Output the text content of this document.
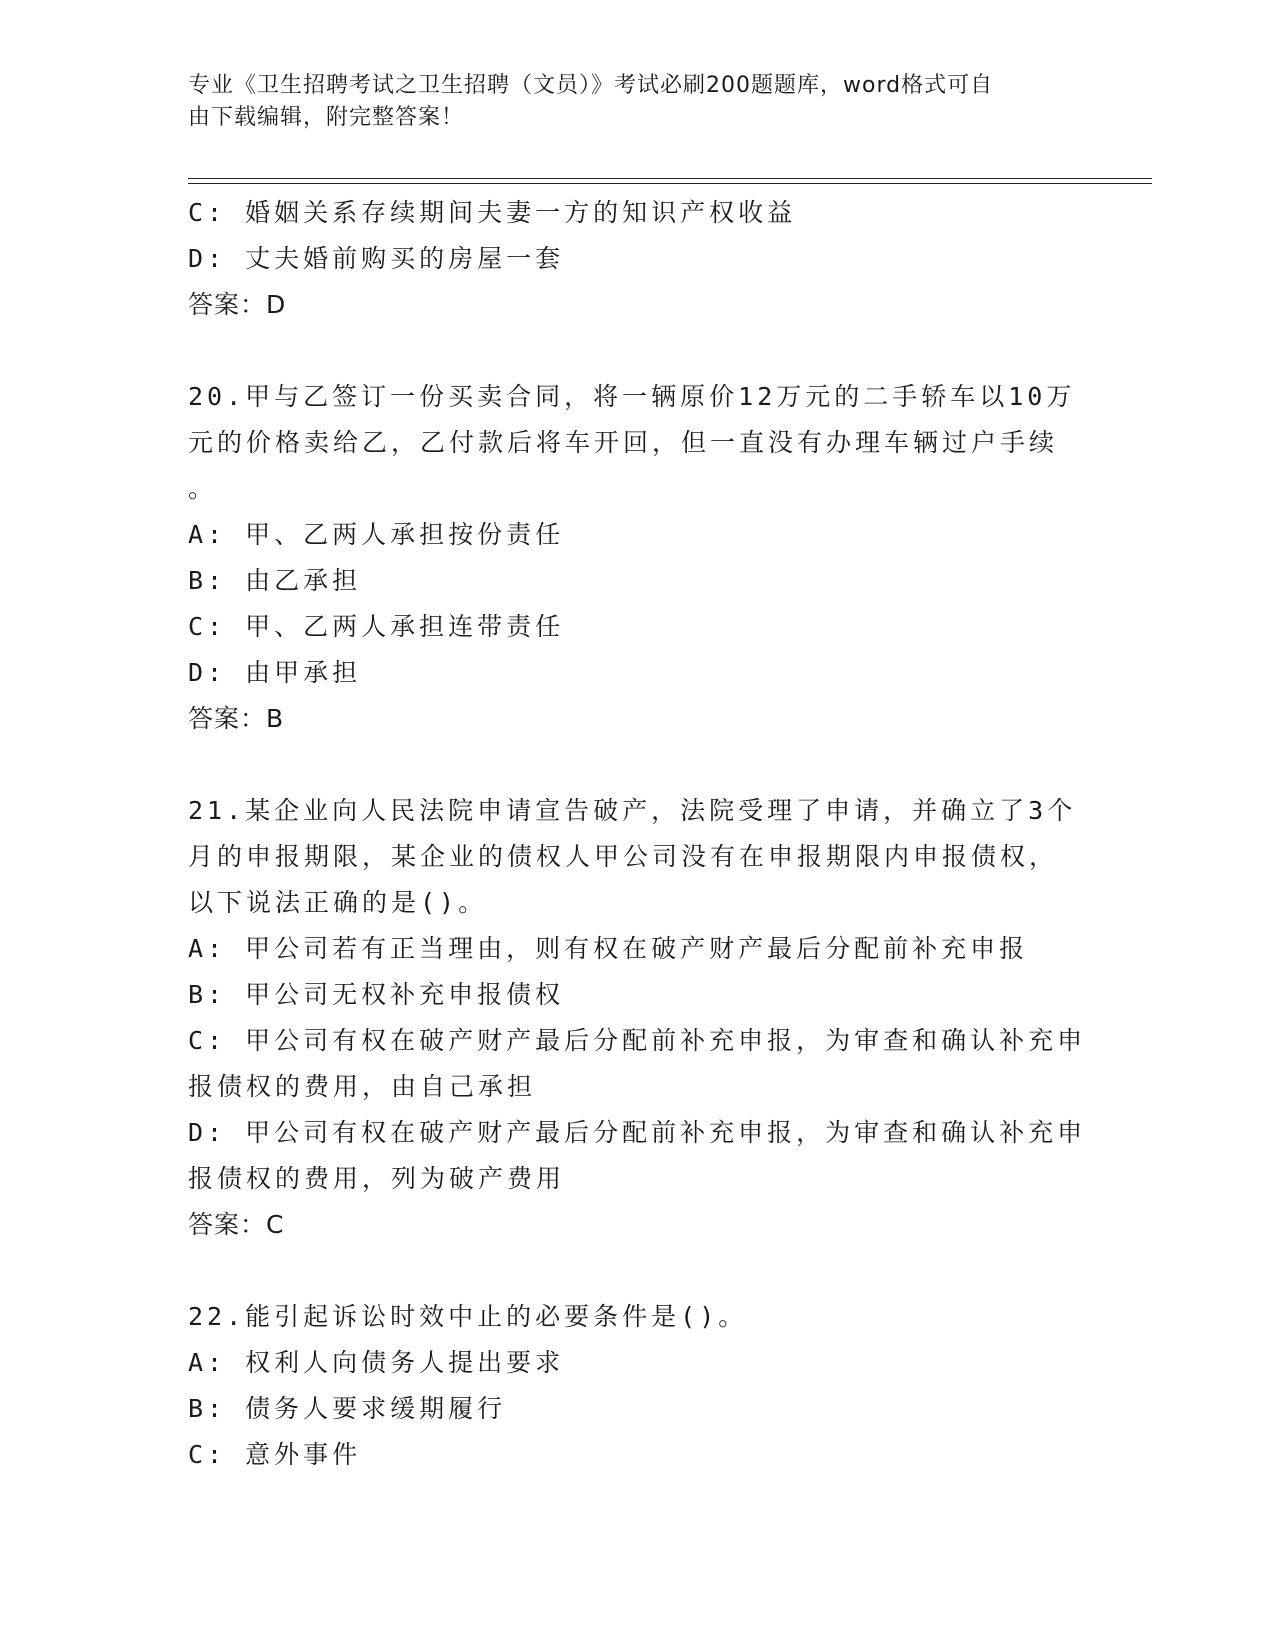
专业《卫生招聘考试之卫生招聘（文员）》考试必刷200题题库，word格式可自
由下载编辑，附完整答案！

C: 婚姻关系存续期间夫妻一方的知识产权收益

D: 丈夫婚前购买的房屋一套

答案：D

20.甲与乙签订一份买卖合同，将一辆原价12万元的二手轿车以10万

元的价格卖给乙，乙付款后将车开回，但一直没有办理车辆过户手续

。

A: 甲、乙两人承担按份责任

B: 由乙承担

C: 甲、乙两人承担连带责任

D: 由甲承担

答案：B

21.某企业向人民法院申请宣告破产，法院受理了申请，并确立了3个

月的申报期限，某企业的债权人甲公司没有在申报期限内申报债权，

以下说法正确的是()。

A: 甲公司若有正当理由，则有权在破产财产最后分配前补充申报

B: 甲公司无权补充申报债权

C: 甲公司有权在破产财产最后分配前补充申报，为审查和确认补充申

报债权的费用，由自己承担

D: 甲公司有权在破产财产最后分配前补充申报，为审查和确认补充申

报债权的费用，列为破产费用

答案：C

22.能引起诉讼时效中止的必要条件是()。

A: 权利人向债务人提出要求

B: 债务人要求缓期履行

C: 意外事件
